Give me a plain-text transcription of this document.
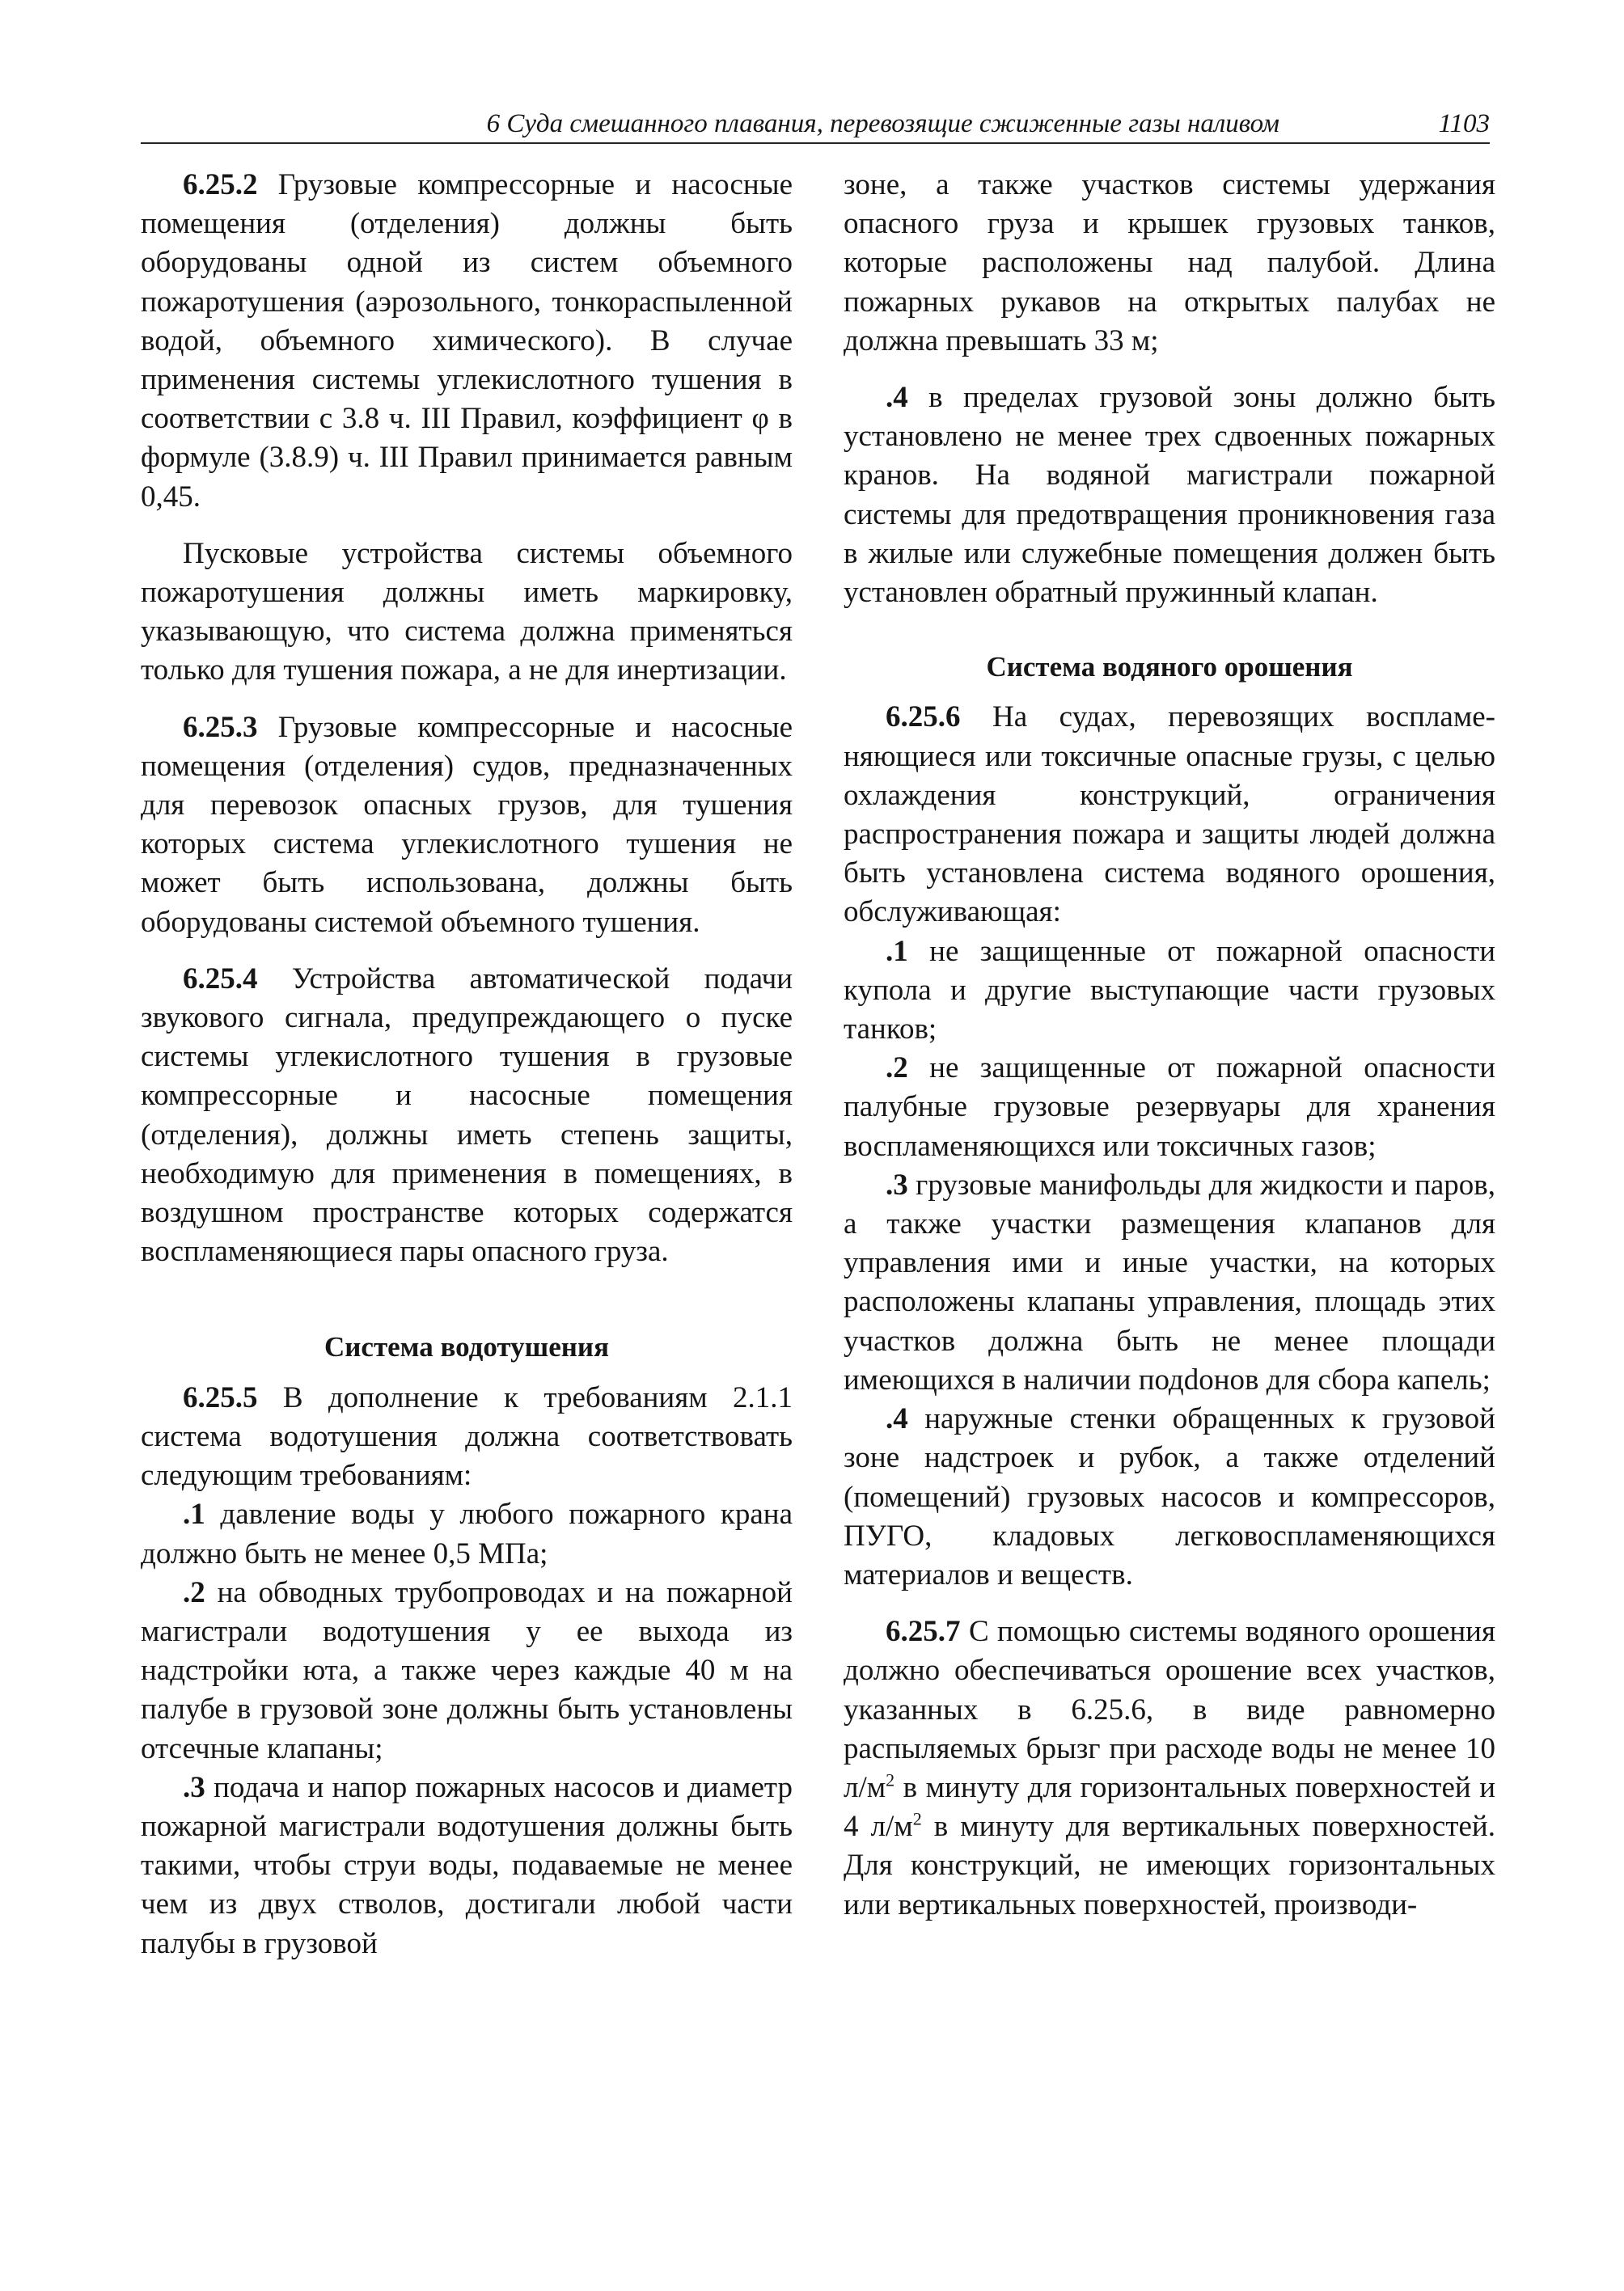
6 Суда смешанного плавания, перевозящие сжиженные газы наливом	1103

6.25.2 Грузовые компрессорные и насосные помещения (отделения) должны быть оборудованы одной из систем объемного пожаротушения (аэрозольного, тонкораспыленной водой, объемного химического). В случае применения системы углекислотного тушения в соответствии с 3.8 ч. III Правил, коэффициент φ в формуле (3.8.9) ч. III Правил принимается равным 0,45.

Пусковые устройства системы объемного пожаротушения должны иметь маркировку, указывающую, что система должна применяться только для тушения пожара, а не для инертизации.

6.25.3 Грузовые компрессорные и насосные помещения (отделения) судов, предназначенных для перевозок опасных грузов, для тушения которых система углекислотного тушения не может быть использована, должны быть оборудованы системой объемного тушения.

6.25.4 Устройства автоматической подачи звукового сигнала, предупреждающего о пуске системы углекислотного тушения в грузовые компрессорные и насосные помещения (отделения), должны иметь степень защиты, необходимую для применения в помещениях, в воздушном пространстве которых содержатся воспламеняющиеся пары опасного груза.

Система водотушения

6.25.5 В дополнение к требованиям 2.1.1 система водотушения должна соответствовать следующим требованиям:

.1 давление воды у любого пожарного крана должно быть не менее 0,5 МПа;

.2 на обводных трубопроводах и на пожарной магистрали водотушения у ее выхода из надстройки юта, а также через каждые 40 м на палубе в грузовой зоне должны быть установлены отсечные клапаны;

.3 подача и напор пожарных насосов и диаметр пожарной магистрали водотушения должны быть такими, чтобы струи воды, подаваемые не менее чем из двух стволов, достигали любой части палубы в грузовой

зоне, а также участков системы удержания опасного груза и крышек грузовых танков, которые расположены над палубой. Длина пожарных рукавов на открытых палубах не должна превышать 33 м;

.4 в пределах грузовой зоны должно быть установлено не менее трех сдвоенных пожарных кранов. На водяной магистрали пожарной системы для предотвращения проникновения газа в жилые или служебные помещения должен быть установлен обратный пружинный клапан.

Система водяного орошения

6.25.6 На судах, перевозящих воспламеняющиеся или токсичные опасные грузы, с целью охлаждения конструкций, ограничения распространения пожара и защиты людей должна быть установлена система водяного орошения, обслуживающая:

.1 не защищенные от пожарной опасности купола и другие выступающие части грузовых танков;

.2 не защищенные от пожарной опасности палубные грузовые резервуары для хранения воспламеняющихся или токсичных газов;

.3 грузовые манифольды для жидкости и паров, а также участки размещения клапанов для управления ими и иные участки, на которых расположены клапаны управления, площадь этих участков должна быть не менее площади имеющихся в наличии подdонов для сбора капель;

.4 наружные стенки обращенных к грузовой зоне надстроек и рубок, а также отделений (помещений) грузовых насосов и компрессоров, ПУГО, кладовых легковоспламеняющихся материалов и веществ.

6.25.7 С помощью системы водяного орошения должно обеспечиваться орошение всех участков, указанных в 6.25.6, в виде равномерно распыляемых брызг при расходе воды не менее 10 $л/м^2$ в минуту для горизонтальных поверхностей и 4 $л/м^2$ в минуту для вертикальных поверхностей. Для конструкций, не имеющих горизонтальных или вертикальных поверхностей, производи-
